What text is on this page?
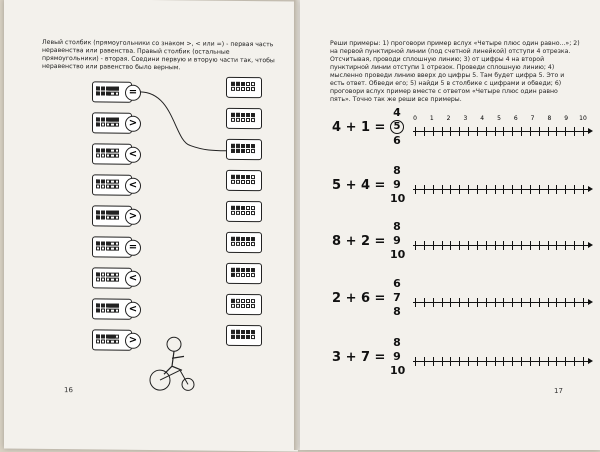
Левый столбик (прямоугольники со знаком >, < или =) - первая часть неравенства или равенства. Правый столбик (остальные прямоугольники) - вторая. Соедини первую и вторую части так, чтобы неравенство или равенство было верным.
=
>
<
<
>
=
<
<
>
16
Реши примеры: 1) проговори пример вслух «Четыре плюс один равно...»; 2) на первой пунктирной линии (под счетной линейкой) отступи 4 отрезка. Отсчитывая, проводи сплошную линию; 3) от цифры 4 на второй пунктирной линии отступи 1 отрезок. Проведи сплошную линию; 4) мысленно проведи линию вверх до цифры 5. Там будет цифра 5. Это и есть ответ. Обведи его; 5) найди 5 в столбике с цифрами и обведи; 6) проговори вслух пример вместе с ответом «Четыре плюс один равно пять». Точно так же реши все примеры.
4 + 1 =
4
5
6
0	1	2	3	4	5	6	7	8	9	10
5 + 4 =
8
9
10
8 + 2 =
8
9
10
2 + 6 =
6
7
8
3 + 7 =
8
9
10
17
